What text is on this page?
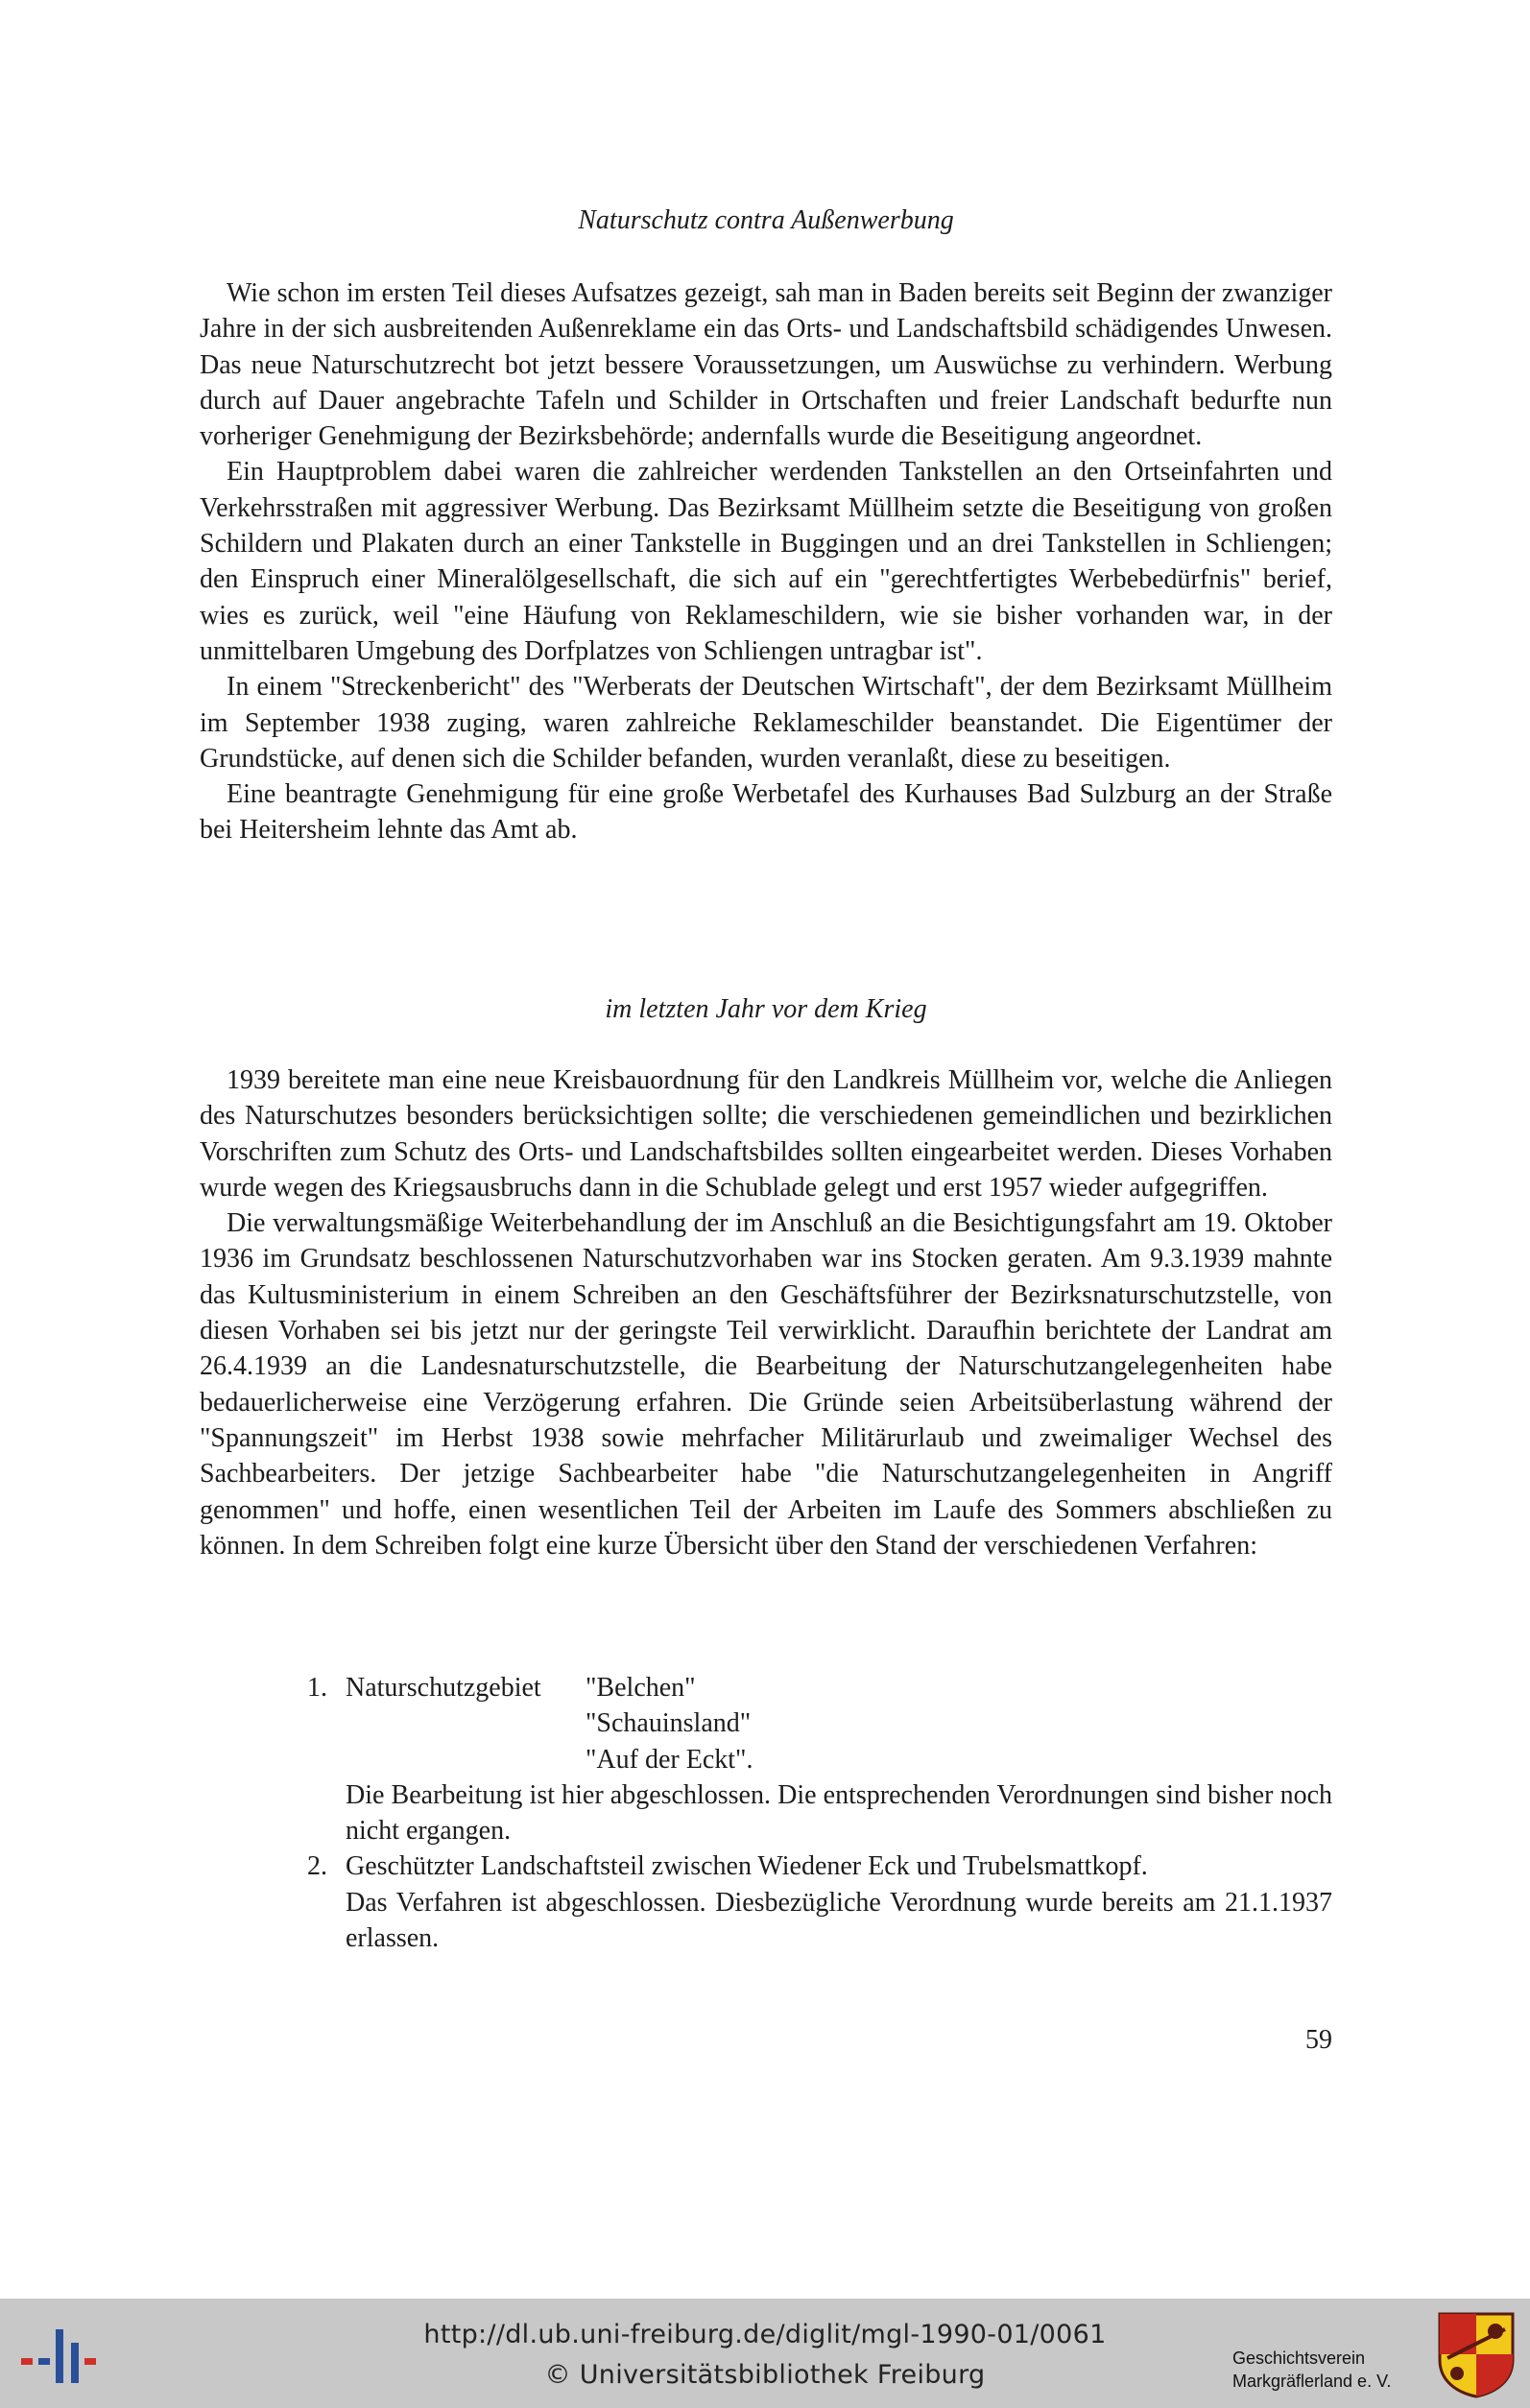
Naturschutz contra Außenwerbung

Wie schon im ersten Teil dieses Aufsatzes gezeigt, sah man in Baden bereits seit Beginn der zwanziger Jahre in der sich ausbreitenden Außenreklame ein das Orts- und Landschaftsbild schädigendes Unwesen. Das neue Naturschutzrecht bot jetzt bessere Voraussetzungen, um Auswüchse zu verhindern. Werbung durch auf Dauer angebrachte Tafeln und Schilder in Ortschaften und freier Landschaft bedurfte nun vorheriger Genehmigung der Bezirksbehörde; andernfalls wurde die Beseitigung angeordnet.

Ein Hauptproblem dabei waren die zahlreicher werdenden Tankstellen an den Ortseinfahrten und Verkehrsstraßen mit aggressiver Werbung. Das Bezirksamt Müllheim setzte die Beseitigung von großen Schildern und Plakaten durch an einer Tankstelle in Buggingen und an drei Tankstellen in Schliengen; den Einspruch einer Mineralölgesellschaft, die sich auf ein "gerechtfertigtes Werbebedürfnis" berief, wies es zurück, weil "eine Häufung von Reklameschildern, wie sie bisher vorhanden war, in der unmittelbaren Umgebung des Dorfplatzes von Schliengen untragbar ist".

In einem "Streckenbericht" des "Werberats der Deutschen Wirtschaft", der dem Bezirksamt Müllheim im September 1938 zuging, waren zahlreiche Reklameschilder beanstandet. Die Eigentümer der Grundstücke, auf denen sich die Schilder befanden, wurden veranlaßt, diese zu beseitigen.

Eine beantragte Genehmigung für eine große Werbetafel des Kurhauses Bad Sulzburg an der Straße bei Heitersheim lehnte das Amt ab.

im letzten Jahr vor dem Krieg

1939 bereitete man eine neue Kreisbauordnung für den Landkreis Müllheim vor, welche die Anliegen des Naturschutzes besonders berücksichtigen sollte; die verschiedenen gemeindlichen und bezirklichen Vorschriften zum Schutz des Orts- und Landschaftsbildes sollten eingearbeitet werden. Dieses Vorhaben wurde wegen des Kriegsausbruchs dann in die Schublade gelegt und erst 1957 wieder aufgegriffen.

Die verwaltungsmäßige Weiterbehandlung der im Anschluß an die Besichtigungsfahrt am 19. Oktober 1936 im Grundsatz beschlossenen Naturschutzvorhaben war ins Stocken geraten. Am 9.3.1939 mahnte das Kultusministerium in einem Schreiben an den Geschäftsführer der Bezirksnaturschutzstelle, von diesen Vorhaben sei bis jetzt nur der geringste Teil verwirklicht. Daraufhin berichtete der Landrat am 26.4.1939 an die Landesnaturschutzstelle, die Bearbeitung der Naturschutzangelegenheiten habe bedauerlicherweise eine Verzögerung erfahren. Die Gründe seien Arbeitsüberlastung während der "Spannungszeit" im Herbst 1938 sowie mehrfacher Militärurlaub und zweimaliger Wechsel des Sachbearbeiters. Der jetzige Sachbearbeiter habe "die Naturschutzangelegenheiten in Angriff genommen" und hoffe, einen wesentlichen Teil der Arbeiten im Laufe des Sommers abschließen zu können. In dem Schreiben folgt eine kurze Übersicht über den Stand der verschiedenen Verfahren:

1. Naturschutzgebiet	"Belchen"
"Schauinsland"
"Auf der Eckt".
Die Bearbeitung ist hier abgeschlossen. Die entsprechenden Verordnungen sind bisher noch nicht ergangen.
2. Geschützter Landschaftsteil zwischen Wiedener Eck und Trubelsmattkopf.
Das Verfahren ist abgeschlossen. Diesbezügliche Verordnung wurde bereits am 21.1.1937 erlassen.
59
http://dl.ub.uni-freiburg.de/diglit/mgl-1990-01/0061
© Universitätsbibliothek Freiburg
Geschichtsverein
Markgräflerland e. V.
